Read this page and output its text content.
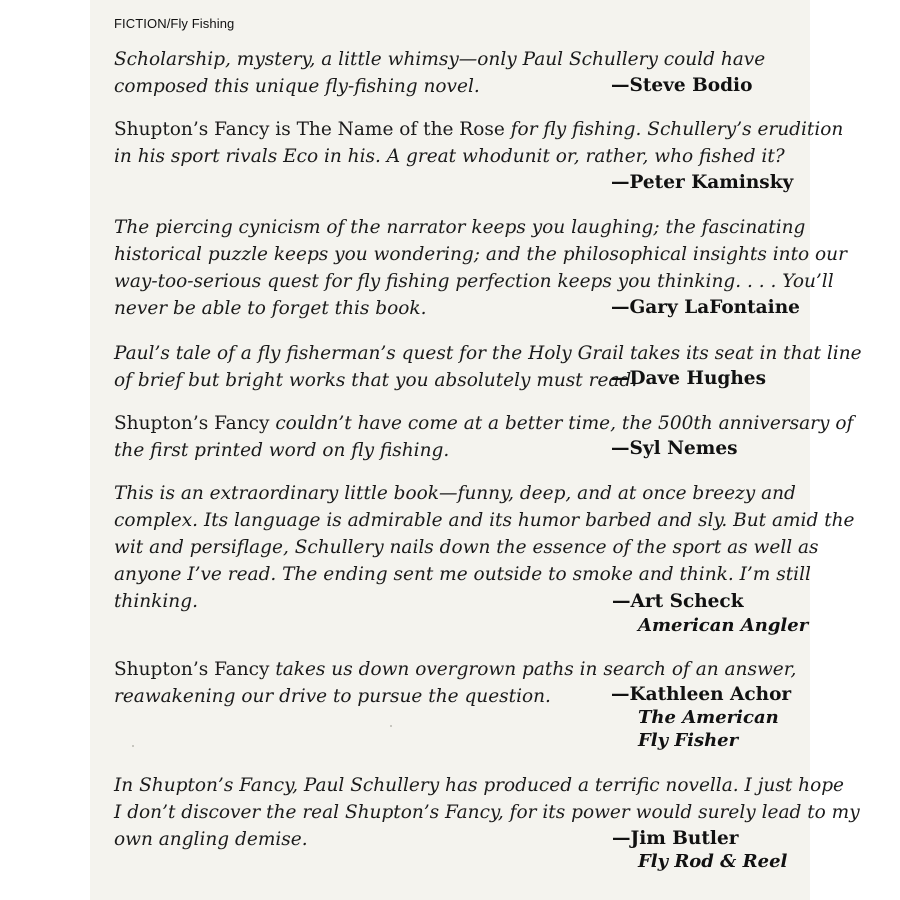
FICTION/Fly Fishing
Scholarship, mystery, a little whimsy—only Paul Schullery could have
composed this unique fly-fishing novel.	—Steve Bodio
Shupton’s Fancy is The Name of the Rose for fly fishing. Schullery’s erudition
in his sport rivals Eco in his. A great whodunit or, rather, who fished it?
—Peter Kaminsky
The piercing cynicism of the narrator keeps you laughing; the fascinating
historical puzzle keeps you wondering; and the philosophical insights into our
way-too-serious quest for fly fishing perfection keeps you thinking. . . . You’ll
never be able to forget this book.	—Gary LaFontaine
Paul’s tale of a fly fisherman’s quest for the Holy Grail takes its seat in that line
of brief but bright works that you absolutely must read.
—Dave Hughes
Shupton’s Fancy couldn’t have come at a better time, the 500th anniversary of
the first printed word on fly fishing.	—Syl Nemes
This is an extraordinary little book—funny, deep, and at once breezy and
complex. Its language is admirable and its humor barbed and sly. But amid the
wit and persiflage, Schullery nails down the essence of the sport as well as
anyone I’ve read. The ending sent me outside to smoke and think. I’m still
thinking.	—Art Scheck
American Angler
Shupton’s Fancy takes us down overgrown paths in search of an answer,
reawakening our drive to pursue the question.	—Kathleen Achor
The American
Fly Fisher
In Shupton’s Fancy, Paul Schullery has produced a terrific novella. I just hope
I don’t discover the real Shupton’s Fancy, for its power would surely lead to my
own angling demise.	—Jim Butler
Fly Rod & Reel
